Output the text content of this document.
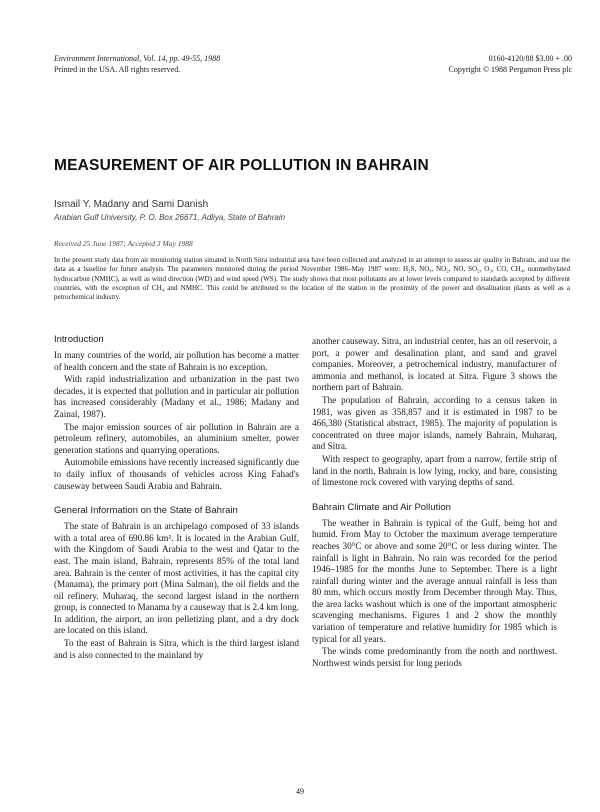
Environment International, Vol. 14, pp. 49-55, 1988
Printed in the USA. All rights reserved.
0160-4120/88 $3.00 + .00
Copyright © 1988 Pergamon Press plc
MEASUREMENT OF AIR POLLUTION IN BAHRAIN
Ismail Y. Madany and Sami Danish
Arabian Gulf University, P. O. Box 26671, Adliya, State of Bahrain
Received 25 June 1987; Accepted 3 May 1988

In the present study data from air monitoring station situated in North Sitra industrial area have been collected and analyzed in an attempt to assess air quality in Bahrain, and use the data as a baseline for future analysis. The parameters monitored during the period November 1986–May 1987 were: H₂S, NOₓ, NO₂, NO, SO₂, O₃, CO, CH₄, nonmethylated hydrocarbon (NMHC), as well as wind direction (WD) and wind speed (WS). The study shows that most pollutants are at lower levels compared to standards accepted by different countries, with the exception of CH₄ and NMHC. This could be attributed to the location of the station in the proximity of the power and desalination plants as well as a petrochemical industry.

Introduction

In many countries of the world, air pollution has become a matter of health concern and the state of Bahrain is no exception.

With rapid industrialization and urbanization in the past two decades, it is expected that pollution and in particular air pollution has increased considerably (Madany et al., 1986; Madany and Zainal, 1987).

The major emission sources of air pollution in Bahrain are a petroleum refinery, automobiles, an aluminium smelter, power generation stations and quarrying operations.

Automobile emissions have recently increased significantly due to daily influx of thousands of vehicles across King Fahad's causeway between Saudi Arabia and Bahrain.

General Information on the State of Bahrain

The state of Bahrain is an archipelago composed of 33 islands with a total area of 690.86 km². It is located in the Arabian Gulf, with the Kingdom of Saudi Arabia to the west and Qatar to the east. The main island, Bahrain, represents 85% of the total land area. Bahrain is the center of most activities, it has the capital city (Manama), the primary port (Mina Salman), the oil fields and the oil refinery. Muharaq, the second largest island in the northern group, is connected to Manama by a causeway that is 2.4 km long. In addition, the airport, an iron pelletizing plant, and a dry dock are located on this island.

To the east of Bahrain is Sitra, which is the third largest island and is also connected to the mainland by

another causeway. Sitra, an industrial center, has an oil reservoir, a port, a power and desalination plant, and sand and gravel companies. Moreover, a petrochemical industry, manufacturer of ammonia and methanol, is located at Sitra. Figure 3 shows the northern part of Bahrain.

The population of Bahrain, according to a census taken in 1981, was given as 358,857 and it is estimated in 1987 to be 466,380 (Statistical abstract, 1985). The majority of population is concentrated on three major islands, namely Bahrain, Muharaq, and Sitra.

With respect to geography, apart from a narrow, fertile strip of land in the north, Bahrain is low lying, rocky, and bare, consisting of limestone rock covered with varying depths of sand.

Bahrain Climate and Air Pollution

The weather in Bahrain is typical of the Gulf, being hot and humid. From May to October the maximum average temperature reaches 30°C or above and some 20°C or less during winter. The rainfall is light in Bahrain. No rain was recorded for the period 1946–1985 for the months June to September. There is a light rainfall during winter and the average annual rainfall is less than 80 mm, which occurs mostly from December through May. Thus, the area lacks washout which is one of the important atmospheric scavenging mechanisms. Figures 1 and 2 show the monthly variation of temperature and relative humidity for 1985 which is typical for all years.

The winds come predominantly from the north and northwest. Northwest winds persist for long periods

49
